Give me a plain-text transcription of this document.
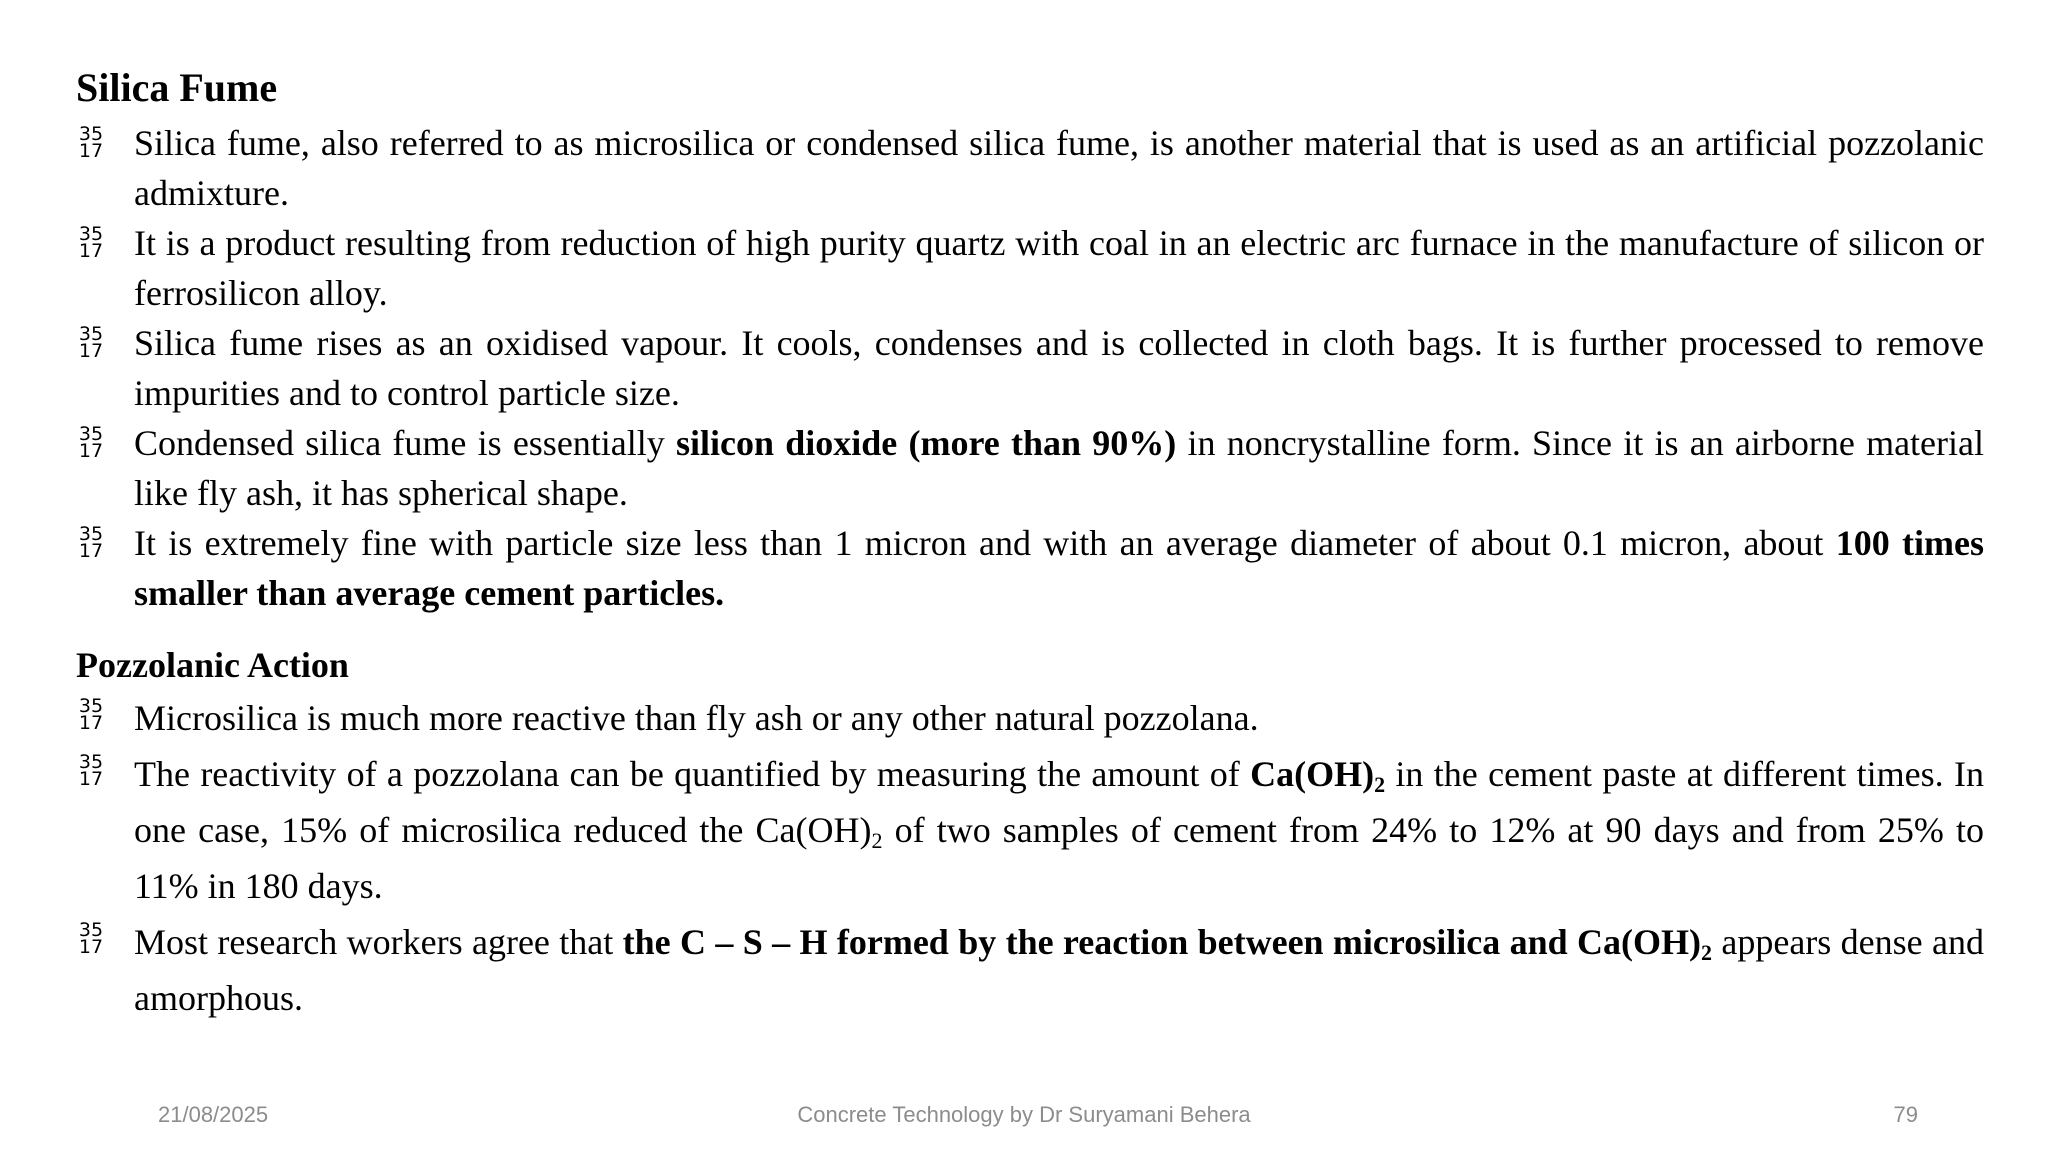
Silica Fume
35
17 Silica fume, also referred to as microsilica or condensed silica fume, is another material that is used as an artificial pozzolanic admixture.
35
17 It is a product resulting from reduction of high purity quartz with coal in an electric arc furnace in the manufacture of silicon or ferrosilicon alloy.
35
17 Silica fume rises as an oxidised vapour. It cools, condenses and is collected in cloth bags. It is further processed to remove impurities and to control particle size.
35
17 Condensed silica fume is essentially silicon dioxide (more than 90%) in noncrystalline form. Since it is an airborne material like fly ash, it has spherical shape.
35
17 It is extremely fine with particle size less than 1 micron and with an average diameter of about 0.1 micron, about 100 times smaller than average cement particles.
Pozzolanic Action
35
17 Microsilica is much more reactive than fly ash or any other natural pozzolana.
35
17 The reactivity of a pozzolana can be quantified by measuring the amount of $Ca(OH)_2$ in the cement paste at different times. In one case, 15% of microsilica reduced the $Ca(OH)_2$ of two samples of cement from 24% to 12% at 90 days and from 25% to 11% in 180 days.
35
17 Most research workers agree that the C – S – H formed by the reaction between microsilica and $Ca(OH)_2$ appears dense and amorphous.
21/08/2025	Concrete Technology by Dr Suryamani Behera	79
